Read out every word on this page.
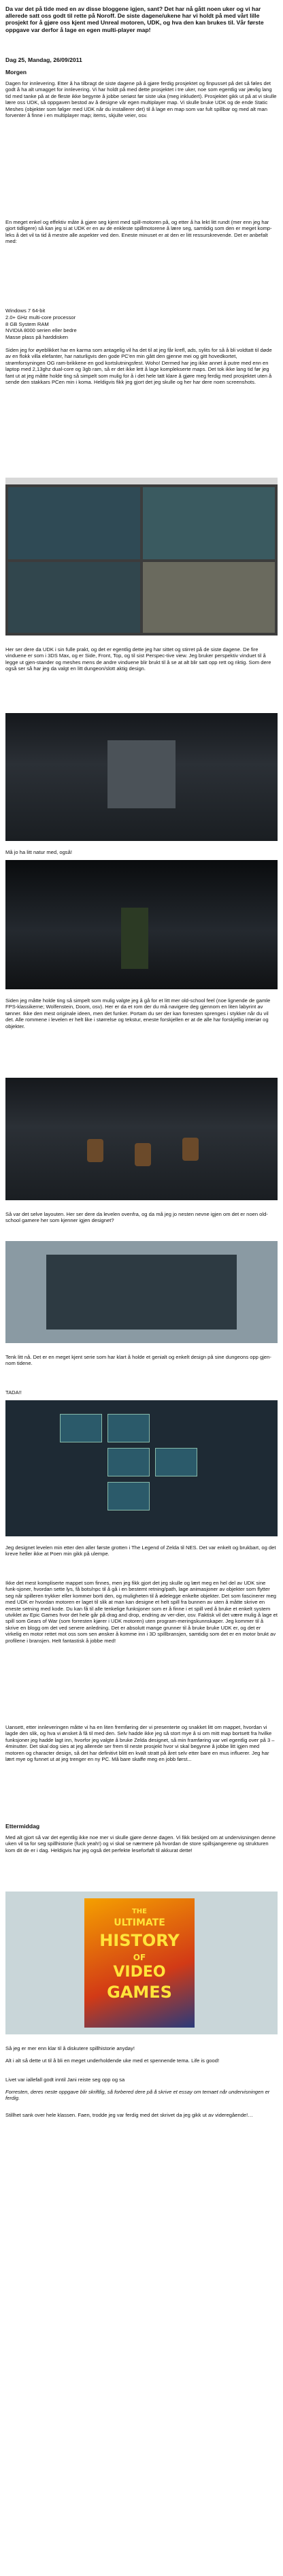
Da var det på tide med en av disse bloggene igjen, sant? Det har nå gått noen uker og vi har allerede satt oss godt til rette på Noroff. De siste dagene/ukene har vi holdt på med vårt lille prosjekt for å gjøre oss kjent med Unreal motoren, UDK, og hva den kan brukes til. Vår første oppgave var derfor å lage en egen multi-player map!
Dag 25, Mandag, 26/09/2011
Morgen
Dagen for innlevering. Etter å ha tilbragt de siste dagene på å gjøre ferdig prosjektet og finpusset på det så føles det godt å ha alt umagget for innlevering. Vi har holdt på med dette prosjektet i tre uker, noe som egentlig var jævlig lang tid med tanke på at de fleste ikke begynte å jobbe seriøst før siste uka (meg inkludert). Prosjektet gikk ut på at vi skulle lære oss UDK, så oppgaven bestod av å designe vår egen multiplayer map. Vi skulle bruke UDK og de ende Static Meshes (objekter som følger med UDK når du installerer det) til å lage en map som var fult spillbar og med alt man forventer å finne i en multiplayer map; items, skjulte veier, osv.
En meget enkel og effektiv måte å gjøre seg kjent med spill-motoren på, og etter å ha lekt litt rundt (mer enn jeg har gjort tidligere) så kan jeg si at UDK er en av de enkleste spillmotorene å lære seg, samtidig som den er meget komp-leks å det vil ta tid å mestre alle aspekter ved den. Eneste minuset er at den er litt ressurskrevende. Det er anbefalt med:

Windows 7 64-bit

2.0+ GHz multi-core processor

8 GB System RAM

NVIDIA 8000 serien eller bedre

Masse plass på harddisken

Siden jeg for øyeblikket har en karma som antagelig vil ha det til at jeg får krefl, ads, sylits for så å bli voldtatt til døde av en flokk villa elefanter, har naturligvis den gode PC'en min gått den gjenne mei og gitt hovedkortet, strømforsyningen OG ram-brikkene en god kortslutningsfest. Woho! Dermed har jeg ikke annet å putre med enn en laptop med 2,13ghz dual-core og 3gb ram, så er det ikke lett å lage komplekserte maps. Det tok ikke lang tid før jeg fant ut at jeg måtte holde ting så simpelt som mulig for å i det hele tatt klare å gjøre meg ferdig med prosjektet uten å sende den stakkars PCen min i koma. Heldigvis fikk jeg gjort det jeg skulle og her har dere noen screenshots.
Her ser dere da UDK i sin fulle prakt, og det er egentlig dette jeg har sittet og stirret på de siste dagene. De fire vinduene er som i 3DS Max, og er Side, Front, Top, og til sist Perspec-tive view. Jeg bruker perspektiv vinduet til å legge ut gjen-stander og meshes mens de andre vinduene blir brukt til å se at alt blir satt opp rett og riktig. Som dere også ser så har jeg da valgt en litt dungeon/slott aktig design.
Må jo ha litt natur med, også!
Siden jeg måtte holde ting så simpelt som mulig valgte jeg å gå for et litt mer old-school feel (noe lignende de gamle FPS-klassikerne; Wolfenstein, Doom, osv). Her er da et rom der du må navigere deg gjennom en liten labyrint av tønner. Ikke den mest originale ideen, men det funker. Portam du ser der kan forresten sprenges i stykker når du vil det. Alle rommene i levelen er helt like i størrelse og tekstur, eneste forskjellen er at de alle har forskjellig interiør og objekter.
Så var det selve layouten. Her ser dere da levelen ovenfra, og da må jeg jo nesten nevne igjen om det er noen old-school gamere her som kjenner igjen designet?
Tenk litt nå. Det er en meget kjent serie som har klart å holde et genialt og enkelt design på sine dungeons opp gjen-nom tidene.
TADA!!
Jeg designet levelen min etter den aller første grotten i The Legend of Zelda til NES. Det var enkelt og brukbart, og det kreve heller ikke at Poen min gikk på ulempe.
Ikke det mest kompliserte mappet som finnes, men jeg fikk gjort det jeg skulle og lært meg en hel del av UDK sine funk-sjoner, hvordan sette lys, få bots/npc til å gå i en bestemt retning/path, lage animasjoner av objekter som flytter seg når spilleren trykker eller kommer borti den, og muligheten til å ødelegge enkelte objekter. Det som fascinerer meg med UDK er hvordan motoren er laget til slik at man kan designe et helt spill fra bunnen av uten å måtte skrive en eneste setning med kode. Du kan få til alle tenkelige funksjoner som er å finne i et spill ved å bruke et enkelt system utviklet av Epic Games hvor det hele går på drag and drop, endring av ver-dier, osv. Faktisk vil det være mulig å lage et spill som Gears of War (som forresten kjører i UDK motoren) uten program-meringskunnskaper. Jeg kommer til å skrive en blogg om det ved senere anledning. Det er absolutt mange grunner til å bruke bruke UDK er, og det er virkelig en motor rettet mot oss som sen ønsker å komme inn i 3D spillbransjen, samtidig som det er en motor brukt av profilene i bransjen. Helt fantastisk å jobbe med!
Uansett, etter innleveringen måtte vi ha en liten fremføring der vi presenterte og snakket litt om mappet, hvordan vi lagde den slik, og hva vi ønsket å få til med den. Selv hadde ikke jeg så stort mye å si om mitt map bortsett fra hvilke funksjoner jeg hadde lagt inn, hvorfor jeg valgte å bruke Zelda designet, så min framføring var vel egentlig over på 3 – 4minutter. Det skal dog sies at jeg allerede ser frem til neste prosjekt hvor vi skal begynne å jobbe litt igjen med motoren og character design, så det har definitivt blitt en kvalt stratt på året selv etter bare en mus influerer. Jeg har lært mye og funnet ut at jeg trenger en ny PC. Må bare skaffe meg en jobb først...
Ettermiddag
Med alt gjort så var det egentlig ikke noe mer vi skulle gjøre denne dagen. Vi fikk beskjed om at undervisningen denne uken vil ta for seg spillhistorie (fuck yeah!) og vi skal se nærmere på hvordan de store spillsjangerene og strukturen kom dit de er i dag. Heldigvis har jeg også det perfekte leseforfaft til akkurat dette!
THE
ULTIMATE
HISTORY
OF
VIDEO
GAMES
Så jeg er mer enn klar til å diskutere spillhistorie anyday!
Alt i alt så dette ut til å bli en meget underholdende uke med et spennende tema. Life is good!
Livet var iallefall godt inntil Jani reiste seg opp og sa
Forresten, deres neste oppgave blir skriftlig, så forbered dere på å skrive et essay om temaet når undervisningen er ferdig.
Stillhet sank over hele klassen. Faen, trodde jeg var ferdig med det skrivet da jeg gikk ut av videregående!…
